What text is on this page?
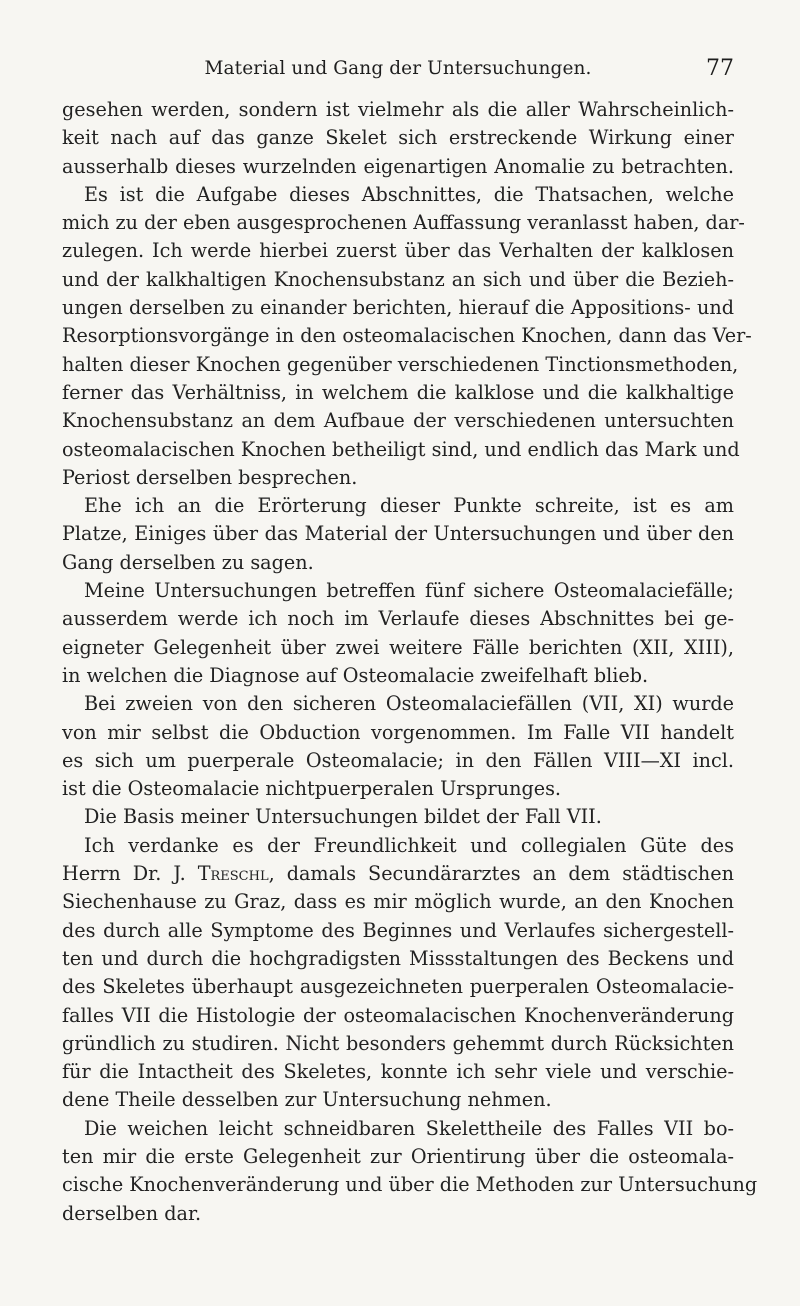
Material und Gang der Untersuchungen.	77
gesehen werden, sondern ist vielmehr als die aller Wahrscheinlich-
keit nach auf das ganze Skelet sich erstreckende Wirkung einer
ausserhalb dieses wurzelnden eigenartigen Anomalie zu betrachten.
Es ist die Aufgabe dieses Abschnittes, die Thatsachen, welche
mich zu der eben ausgesprochenen Auffassung veranlasst haben, dar-
zulegen. Ich werde hierbei zuerst über das Verhalten der kalklosen
und der kalkhaltigen Knochensubstanz an sich und über die Bezieh-
ungen derselben zu einander berichten, hierauf die Appositions- und
Resorptionsvorgänge in den osteomalacischen Knochen, dann das Ver-
halten dieser Knochen gegenüber verschiedenen Tinctionsmethoden,
ferner das Verhältniss, in welchem die kalklose und die kalkhaltige
Knochensubstanz an dem Aufbaue der verschiedenen untersuchten
osteomalacischen Knochen betheiligt sind, und endlich das Mark und
Periost derselben besprechen.
Ehe ich an die Erörterung dieser Punkte schreite, ist es am
Platze, Einiges über das Material der Untersuchungen und über den
Gang derselben zu sagen.
Meine Untersuchungen betreffen fünf sichere Osteomalaciefälle;
ausserdem werde ich noch im Verlaufe dieses Abschnittes bei ge-
eigneter Gelegenheit über zwei weitere Fälle berichten (XII, XIII),
in welchen die Diagnose auf Osteomalacie zweifelhaft blieb.
Bei zweien von den sicheren Osteomalaciefällen (VII, XI) wurde
von mir selbst die Obduction vorgenommen. Im Falle VII handelt
es sich um puerperale Osteomalacie; in den Fällen VIII—XI incl.
ist die Osteomalacie nichtpuerperalen Ursprunges.
Die Basis meiner Untersuchungen bildet der Fall VII.
Ich verdanke es der Freundlichkeit und collegialen Güte des
Herrn Dr. J. Treschl, damals Secundärarztes an dem städtischen
Siechenhause zu Graz, dass es mir möglich wurde, an den Knochen
des durch alle Symptome des Beginnes und Verlaufes sichergestell-
ten und durch die hochgradigsten Missstaltungen des Beckens und
des Skeletes überhaupt ausgezeichneten puerperalen Osteomalacie-
falles VII die Histologie der osteomalacischen Knochenveränderung
gründlich zu studiren. Nicht besonders gehemmt durch Rücksichten
für die Intactheit des Skeletes, konnte ich sehr viele und verschie-
dene Theile desselben zur Untersuchung nehmen.
Die weichen leicht schneidbaren Skelettheile des Falles VII bo-
ten mir die erste Gelegenheit zur Orientirung über die osteomala-
cische Knochenveränderung und über die Methoden zur Untersuchung
derselben dar.
